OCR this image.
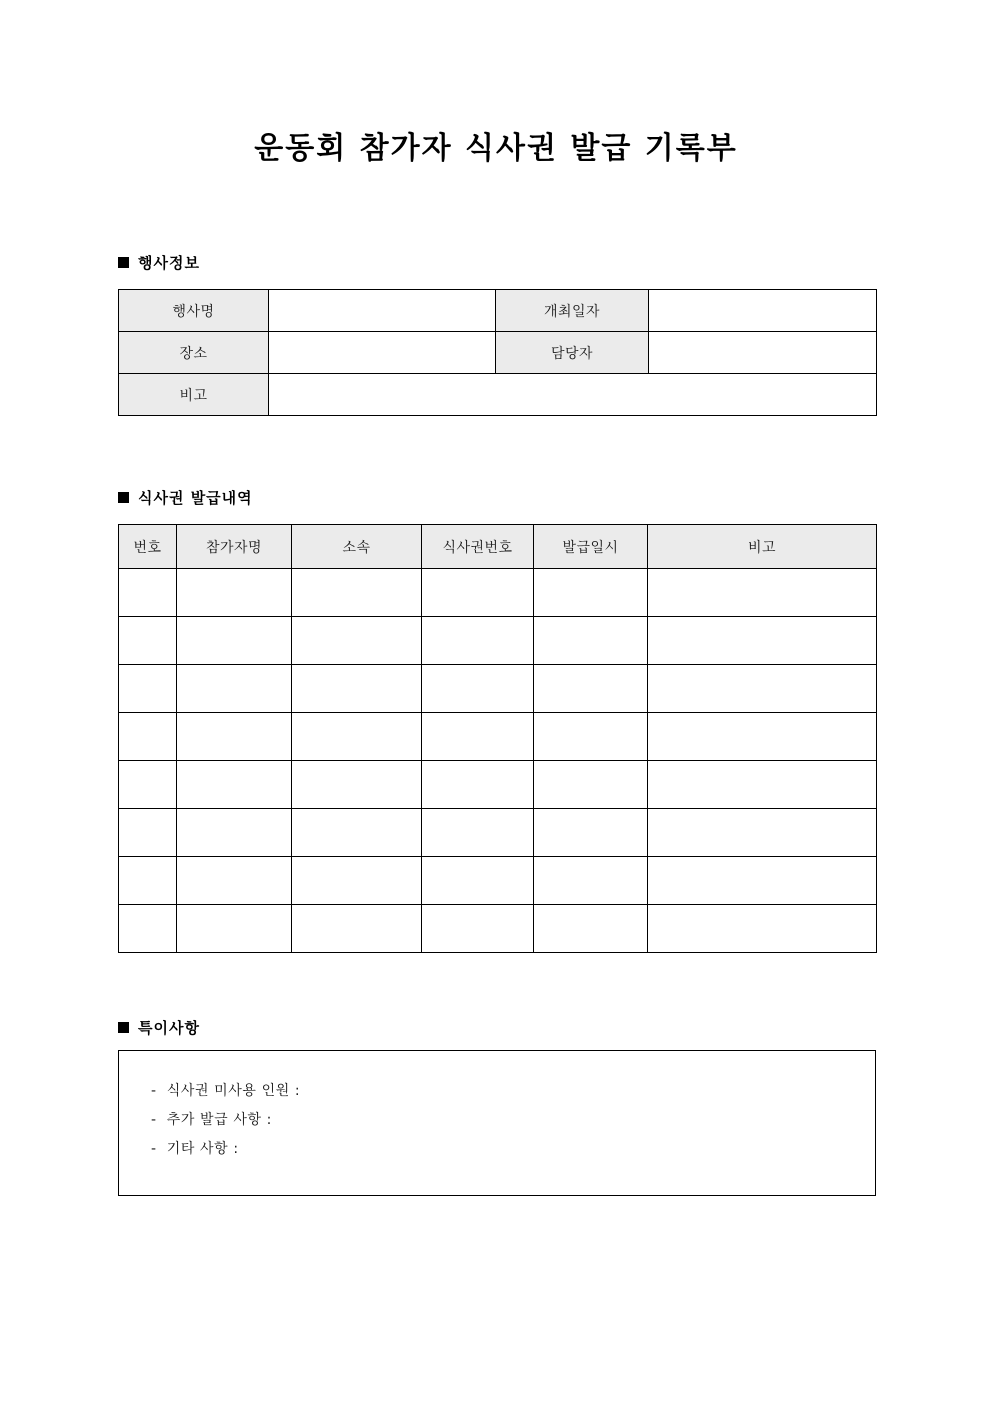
운동회 참가자 식사권 발급 기록부
행사정보
행사명		개최일자	
장소		담당자	
비고			
식사권 발급내역
번호	참가자명	소속	식사권번호	발급일시	비고

특이사항
-  식사권 미사용 인원 :
-  추가 발급 사항 :
-  기타 사항 :
